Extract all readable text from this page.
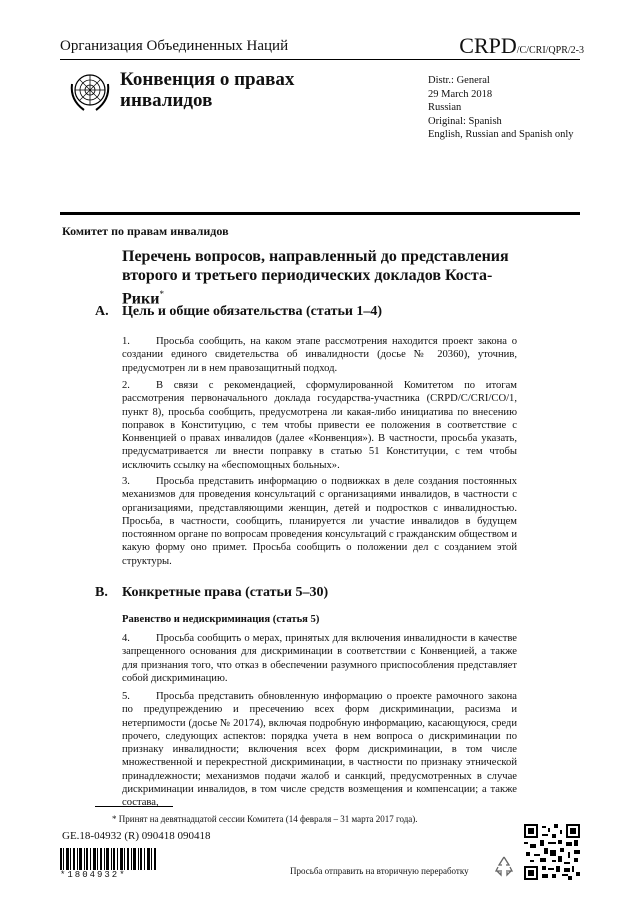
Организация Объединенных Наций	CRPD/C/CRI/QPR/2-3
Конвенция о правах инвалидов
Distr.: General
29 March 2018
Russian
Original: Spanish
English, Russian and Spanish only
Комитет по правам инвалидов
Перечень вопросов, направленный до представления второго и третьего периодических докладов Коста-Рики*
A. Цель и общие обязательства (статьи 1–4)
1. Просьба сообщить, на каком этапе рассмотрения находится проект закона о создании единого свидетельства об инвалидности (досье № 20360), уточнив, предусмотрен ли в нем правозащитный подход.
2. В связи с рекомендацией, сформулированной Комитетом по итогам рассмотрения первоначального доклада государства-участника (CRPD/C/CRI/CO/1, пункт 8), просьба сообщить, предусмотрена ли какая-либо инициатива по внесению поправок в Конституцию, с тем чтобы привести ее положения в соответствие с Конвенцией о правах инвалидов (далее «Конвенция»). В частности, просьба указать, предусматривается ли внести поправку в статью 51 Конституции, с тем чтобы исключить ссылку на «беспомощных больных».
3. Просьба представить информацию о подвижках в деле создания постоянных механизмов для проведения консультаций с организациями инвалидов, в частности с организациями, представляющими женщин, детей и подростков с инвалидностью. Просьба, в частности, сообщить, планируется ли участие инвалидов в будущем постоянном органе по вопросам проведения консультаций с гражданским обществом и какую форму оно примет. Просьба сообщить о положении дел с созданием этой структуры.
B. Конкретные права (статьи 5–30)
Равенство и недискриминация (статья 5)
4. Просьба сообщить о мерах, принятых для включения инвалидности в качестве запрещенного основания для дискриминации в соответствии с Конвенцией, а также для признания того, что отказ в обеспечении разумного приспособления представляет собой дискриминацию.
5. Просьба представить обновленную информацию о проекте рамочного закона по предупреждению и пресечению всех форм дискриминации, расизма и нетерпимости (досье № 20174), включая подробную информацию, касающуюся, среди прочего, следующих аспектов: порядка учета в нем вопроса о дискриминации по признаку инвалидности; включения всех форм дискриминации, в том числе множественной и перекрестной дискриминации, в частности по признаку этнической принадлежности; механизмов подачи жалоб и санкций, предусмотренных в случае дискриминации инвалидов, в том числе средств возмещения и компенсации; а также состава,
* Принят на девятнадцатой сессии Комитета (14 февраля – 31 марта 2017 года).
GE.18-04932 (R) 090418 090418
*1804932*	Просьба отправить на вторичную переработку
